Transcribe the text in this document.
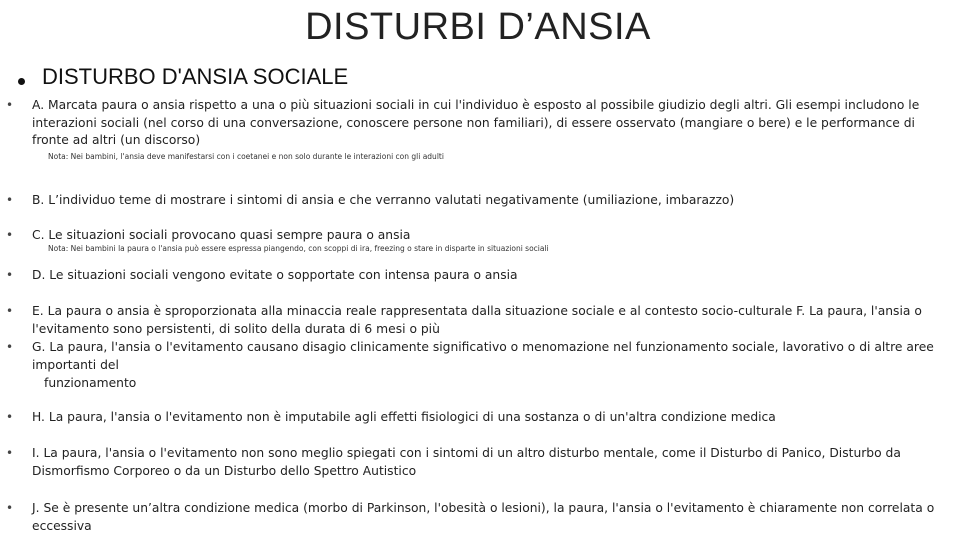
DISTURBI D’ANSIA
DISTURBO D'ANSIA SOCIALE
• A. Marcata paura o ansia rispetto a una o più situazioni sociali in cui l'individuo è esposto al possibile giudizio degli altri. Gli esempi includono le interazioni sociali (nel corso di una conversazione, conoscere persone non familiari), di essere osservato (mangiare o bere) e le performance di fronte ad altri (un discorso)
Nota: Nei bambini, l'ansia deve manifestarsi con i coetanei e non solo durante le interazioni con gli adulti
• B. L’individuo teme di mostrare i sintomi di ansia e che verranno valutati negativamente (umiliazione, imbarazzo)
• C. Le situazioni sociali provocano quasi sempre paura o ansia
Nota: Nei bambini la paura o l'ansia può essere espressa piangendo, con scoppi di ira, freezing o stare in disparte in situazioni sociali
• D. Le situazioni sociali vengono evitate o sopportate con intensa paura o ansia
• E. La paura o ansia è sproporzionata alla minaccia reale rappresentata dalla situazione sociale e al contesto socio-culturale F. La paura, l'ansia o l'evitamento sono persistenti, di solito della durata di 6 mesi o più
• G. La paura, l'ansia o l'evitamento causano disagio clinicamente significativo o menomazione nel funzionamento sociale, lavorativo o di altre aree importanti del
funzionamento
• H. La paura, l'ansia o l'evitamento non è imputabile agli effetti fisiologici di una sostanza o di un'altra condizione medica
• I. La paura, l'ansia o l'evitamento non sono meglio spiegati con i sintomi di un altro disturbo mentale, come il Disturbo di Panico, Disturbo da Dismorfismo Corporeo o da un Disturbo dello Spettro Autistico
• J. Se è presente un’altra condizione medica (morbo di Parkinson, l'obesità o lesioni), la paura, l'ansia o l'evitamento è chiaramente non correlata o eccessiva
